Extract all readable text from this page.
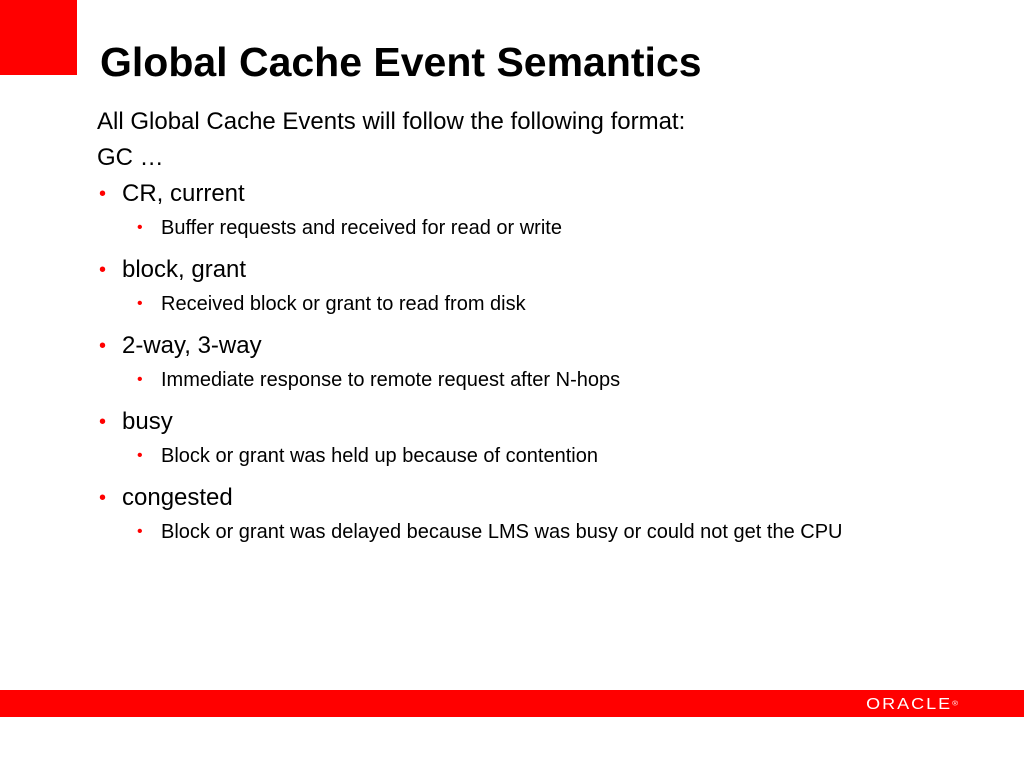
Global Cache Event Semantics

All Global Cache Events will follow the following format:

GC …

• CR, current
• Buffer requests and received for read or write
• block, grant
• Received block or grant to read from disk
• 2-way, 3-way
• Immediate response to remote request after N-hops
• busy
• Block or grant was held up because of contention
• congested
• Block or grant was delayed because LMS was busy or could not get the CPU
ORACLE®
